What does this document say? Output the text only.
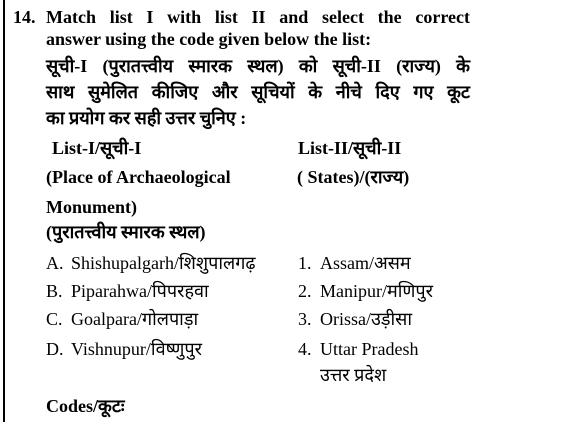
14. Match list I with list II and select the correct
answer using the code given below the list:
सूची-I (पुरातत्त्वीय स्मारक स्थल) को सूची-II (राज्य) के
साथ सुमेलित कीजिए और सूचियों के नीचे दिए गए कूट
का प्रयोग कर सही उत्तर चुनिए :
List-I/सूची-I	List-II/सूची-II
(Place of Archaeological	( States)/(राज्य)
Monument)
(पुरातत्त्वीय स्मारक स्थल)
A. Shishupalgarh/शिशुपालगढ़
B. Piparahwa/पिपरहवा
C. Goalpara/गोलपाड़ा
D. Vishnupur/विष्णुपुर
1. Assam/असम
2. Manipur/मणिपुर
3. Orissa/उड़ीसा
4. Uttar Pradesh
उत्तर प्रदेश
Codes/कूटः
